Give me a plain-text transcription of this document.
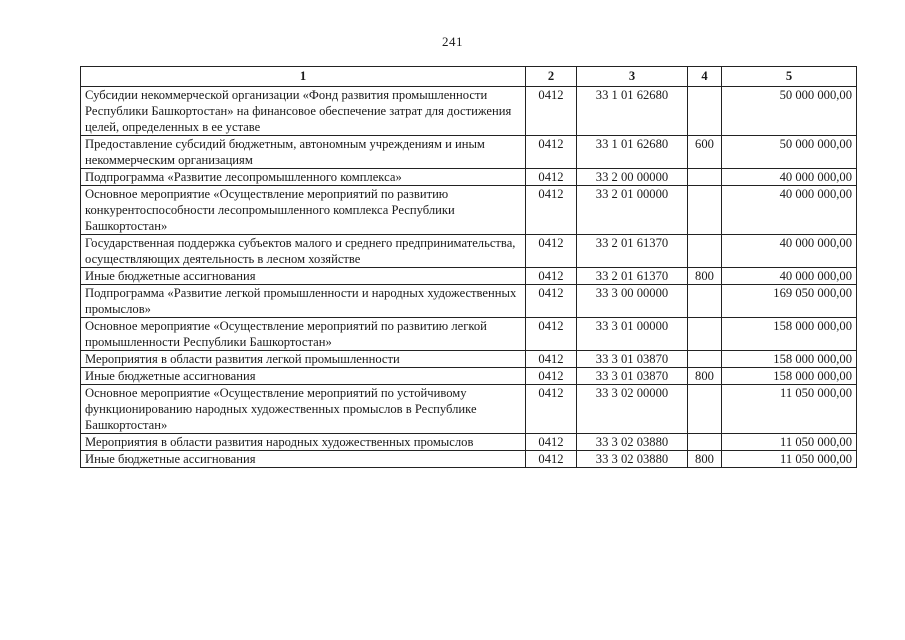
241
1	2	3	4	5
Субсидии некоммерческой организации «Фонд развития промышленности Республики Башкортостан» на финансовое обеспечение затрат для достижения целей, определенных в ее уставе	0412	33 1 01 62680		50 000 000,00
Предоставление субсидий бюджетным, автономным учреждениям и иным некоммерческим организациям	0412	33 1 01 62680	600	50 000 000,00
Подпрограмма «Развитие лесопромышленного комплекса»	0412	33 2 00 00000		40 000 000,00
Основное мероприятие «Осуществление мероприятий по развитию конкурентоспособности лесопромышленного комплекса Республики Башкортостан»	0412	33 2 01 00000		40 000 000,00
Государственная поддержка субъектов малого и среднего предпринимательства, осуществляющих деятельность в лесном хозяйстве	0412	33 2 01 61370		40 000 000,00
Иные бюджетные ассигнования	0412	33 2 01 61370	800	40 000 000,00
Подпрограмма «Развитие легкой промышленности и народных художественных промыслов»	0412	33 3 00 00000		169 050 000,00
Основное мероприятие «Осуществление мероприятий по развитию легкой промышленности Республики Башкортостан»	0412	33 3 01 00000		158 000 000,00
Мероприятия в области развития легкой промышленности	0412	33 3 01 03870		158 000 000,00
Иные бюджетные ассигнования	0412	33 3 01 03870	800	158 000 000,00
Основное мероприятие «Осуществление мероприятий по устойчивому функционированию народных художественных промыслов в Республике Башкортостан»	0412	33 3 02 00000		11 050 000,00
Мероприятия в области развития народных художественных промыслов	0412	33 3 02 03880		11 050 000,00
Иные бюджетные ассигнования	0412	33 3 02 03880	800	11 050 000,00
